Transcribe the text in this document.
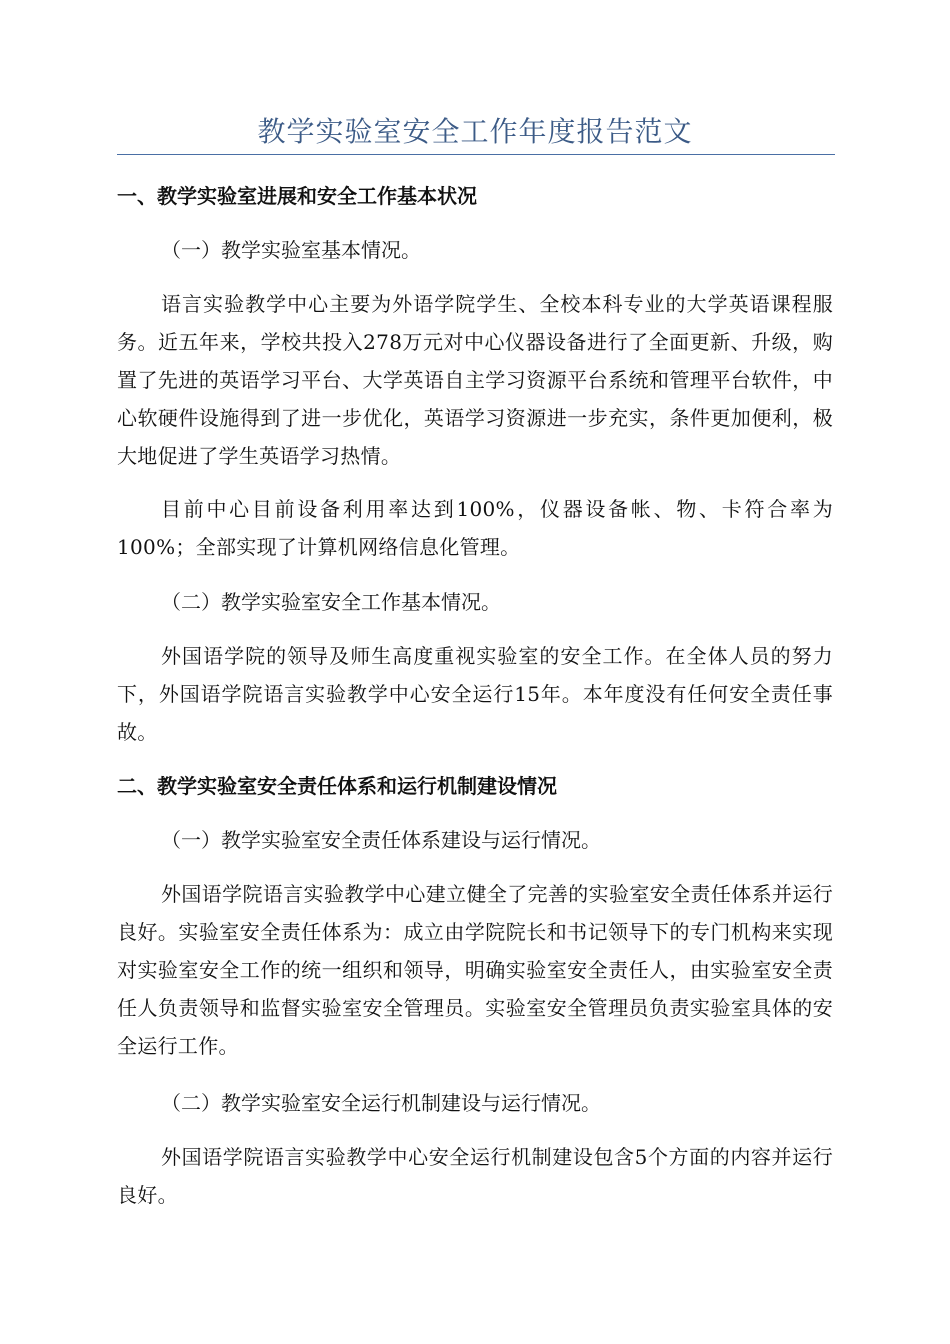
教学实验室安全工作年度报告范文
一、教学实验室进展和安全工作基本状况
（一）教学实验室基本情况。
语言实验教学中心主要为外语学院学生、全校本科专业的大学英语课程服务。近五年来，学校共投入278万元对中心仪器设备进行了全面更新、升级，购置了先进的英语学习平台、大学英语自主学习资源平台系统和管理平台软件，中心软硬件设施得到了进一步优化，英语学习资源进一步充实，条件更加便利，极大地促进了学生英语学习热情。
目前中心目前设备利用率达到100%，仪器设备帐、物、卡符合率为100%；全部实现了计算机网络信息化管理。
（二）教学实验室安全工作基本情况。
外国语学院的领导及师生高度重视实验室的安全工作。在全体人员的努力下，外国语学院语言实验教学中心安全运行15年。本年度没有任何安全责任事故。
二、教学实验室安全责任体系和运行机制建设情况
（一）教学实验室安全责任体系建设与运行情况。
外国语学院语言实验教学中心建立健全了完善的实验室安全责任体系并运行良好。实验室安全责任体系为：成立由学院院长和书记领导下的专门机构来实现对实验室安全工作的统一组织和领导，明确实验室安全责任人，由实验室安全责任人负责领导和监督实验室安全管理员。实验室安全管理员负责实验室具体的安全运行工作。
（二）教学实验室安全运行机制建设与运行情况。
外国语学院语言实验教学中心安全运行机制建设包含5个方面的内容并运行良好。
